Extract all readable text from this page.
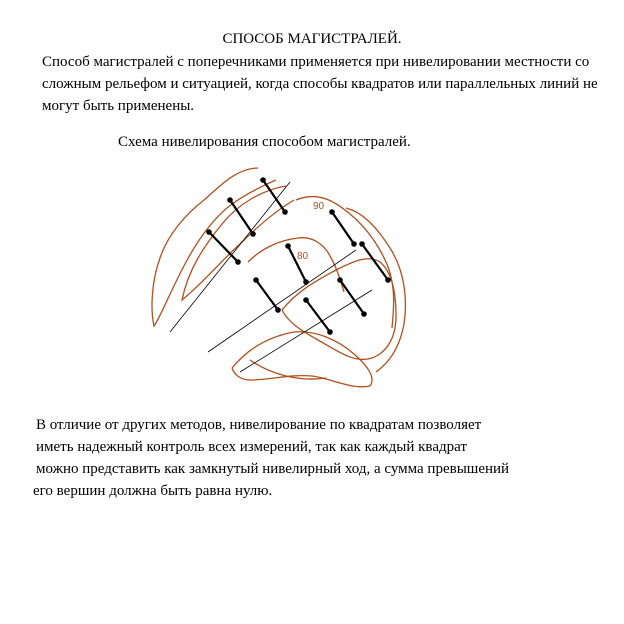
СПОСОБ МАГИСТРАЛЕЙ.
Способ магистралей с поперечниками применяется при нивелировании местности со сложным рельефом и ситуацией, когда способы квадратов или параллельных линий не могут быть применены.
Схема нивелирования способом магистралей.
90
80
В отличие от других методов, нивелирование по квадратам позволяет
иметь надежный контроль всех измерений, так как каждый квадрат
можно представить как замкнутый нивелирный ход, а сумма превышений
его вершин должна быть равна нулю.
